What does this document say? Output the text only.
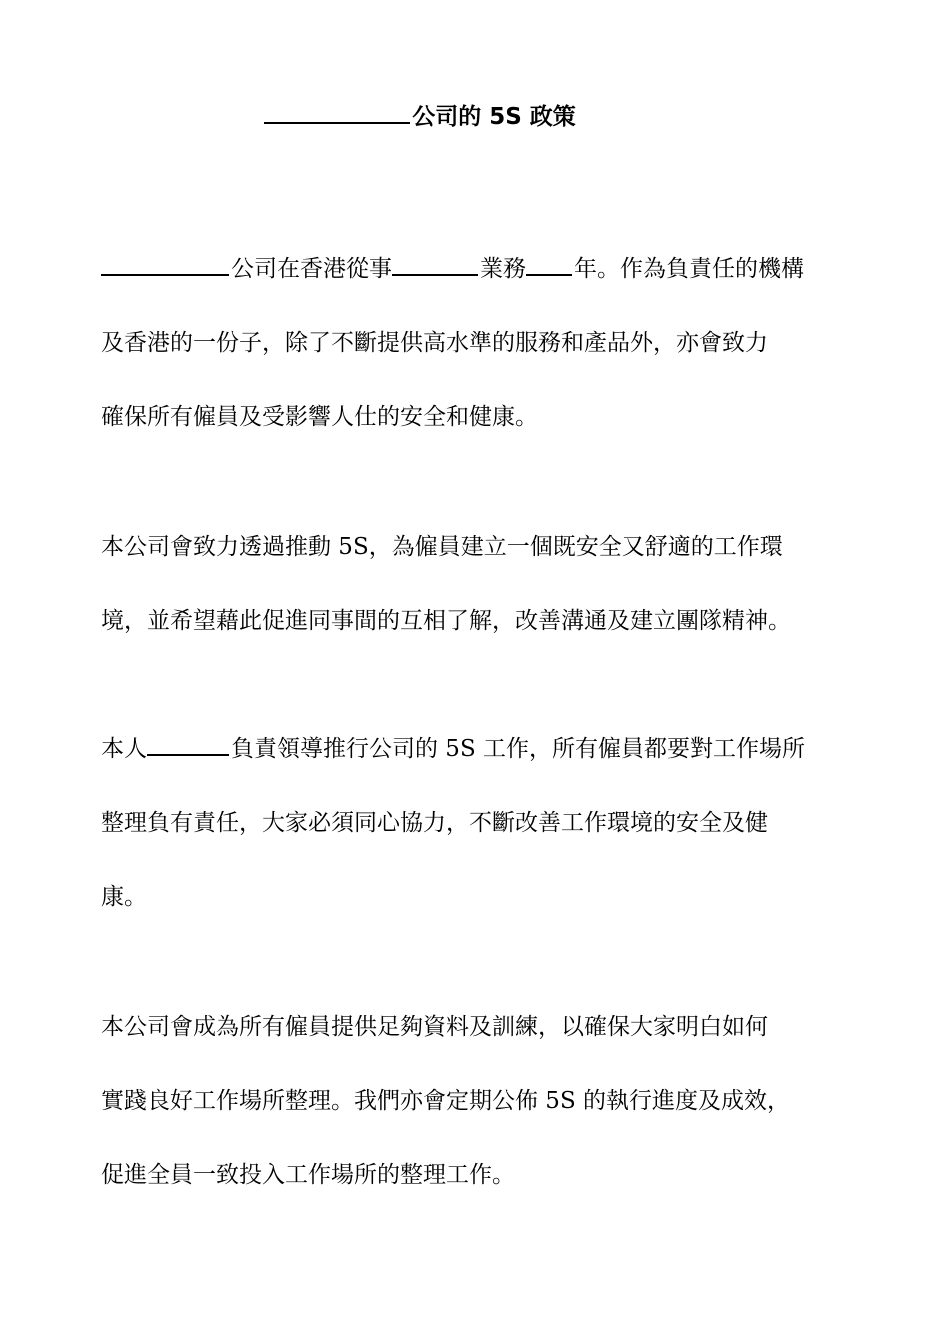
公司的 5S 政策
公司在香港從事	業務 年。作為負責任的機構
及香港的一份子，除了不斷提供高水準的服務和產品外，亦會致力
確保所有僱員及受影響人仕的安全和健康。
本公司會致力透過推動 5S，為僱員建立一個既安全又舒適的工作環
境，並希望藉此促進同事間的互相了解，改善溝通及建立團隊精神。
本人	負責領導推行公司的 5S 工作，所有僱員都要對工作場所
整理負有責任，大家必須同心協力，不斷改善工作環境的安全及健
康。
本公司會成為所有僱員提供足夠資料及訓練，以確保大家明白如何
實踐良好工作場所整理。我們亦會定期公佈 5S 的執行進度及成效，
促進全員一致投入工作場所的整理工作。
